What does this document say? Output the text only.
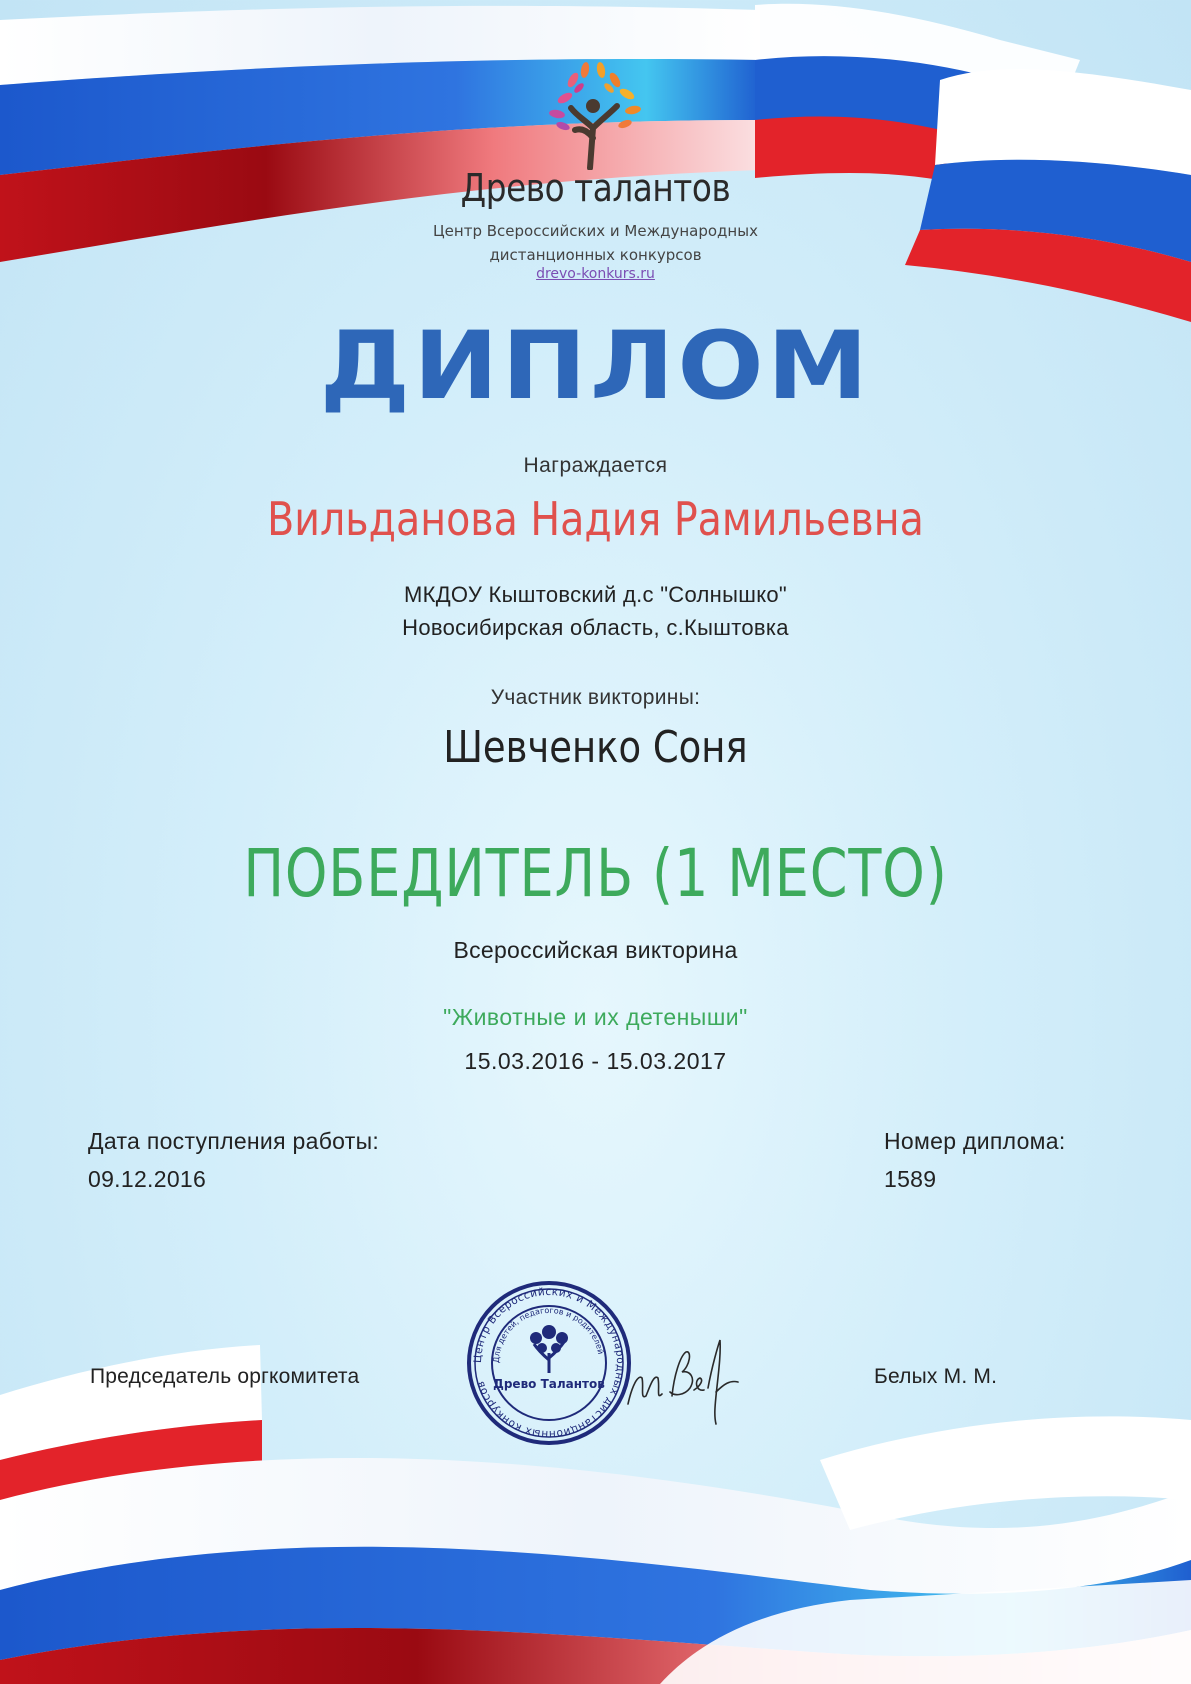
Древо талантов
Центр Всероссийских и Международных
дистанционных конкурсов
drevo-konkurs.ru
ДИПЛОМ
Награждается
Вильданова Надия Рамильевна
МКДОУ Кыштовский д.с "Солнышко"
Новосибирская область, с.Кыштовка
Участник викторины:
Шевченко Соня
ПОБЕДИТЕЛЬ (1 МЕСТО)
Всероссийская викторина
"Животные и их детеныши"
15.03.2016 - 15.03.2017
Дата поступления работы:
09.12.2016
Номер диплома:
1589
Председатель оргкомитета
Центр Всероссийских и Международных дистанционных конкурсов
Для детей, педагогов и родителей
Древо Талантов	Белых М. М.
